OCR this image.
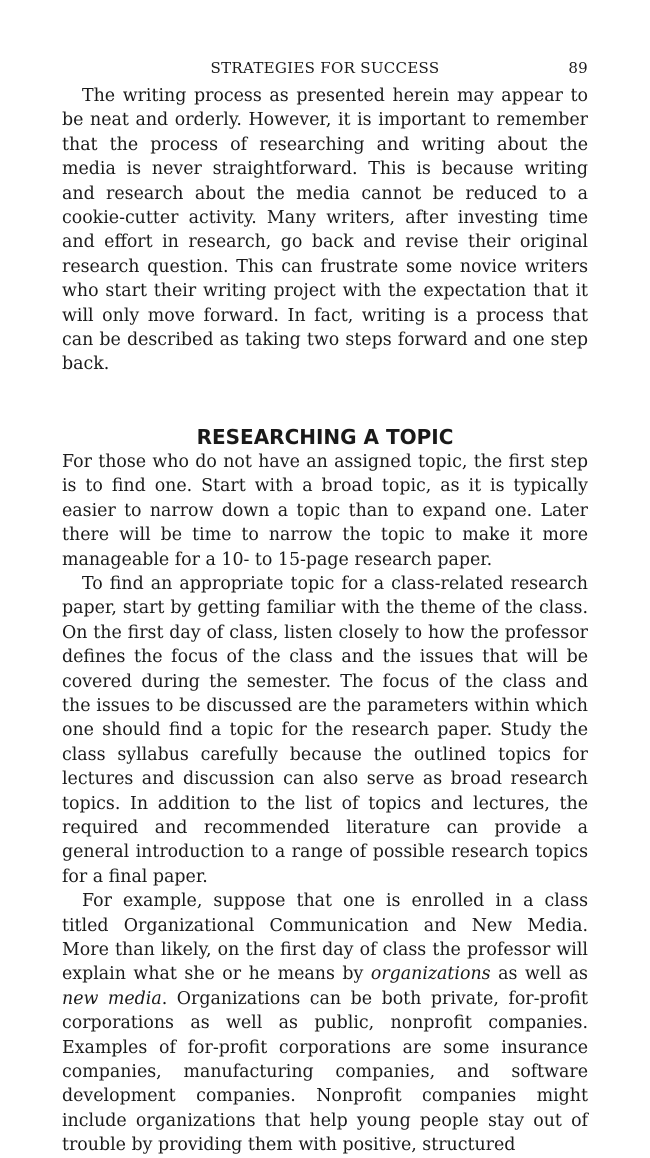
STRATEGIES FOR SUCCESS	89

The writing process as presented herein may appear to be neat and orderly. However, it is important to remember that the process of researching and writing about the media is never straightforward. This is because writing and research about the media cannot be reduced to a cookie-cutter activity. Many writers, after investing time and effort in research, go back and revise their original research question. This can frustrate some novice writers who start their writing project with the expectation that it will only move forward. In fact, writing is a process that can be described as taking two steps forward and one step back.

RESEARCHING A TOPIC

For those who do not have an assigned topic, the first step is to find one. Start with a broad topic, as it is typically easier to narrow down a topic than to expand one. Later there will be time to narrow the topic to make it more manageable for a 10- to 15-page research paper.

To find an appropriate topic for a class-related research paper, start by getting familiar with the theme of the class. On the first day of class, listen closely to how the professor defines the focus of the class and the issues that will be covered during the semester. The focus of the class and the issues to be discussed are the parameters within which one should find a topic for the research paper. Study the class syllabus carefully because the outlined topics for lectures and discussion can also serve as broad research topics. In addition to the list of topics and lectures, the required and recommended literature can provide a general introduction to a range of possible research topics for a final paper.

For example, suppose that one is enrolled in a class titled Organizational Communication and New Media. More than likely, on the first day of class the professor will explain what she or he means by organizations as well as new media. Organizations can be both private, for-profit corporations as well as public, nonprofit companies. Examples of for-profit corporations are some insurance companies, manufacturing companies, and software development companies. Nonprofit companies might include organizations that help young people stay out of trouble by providing them with positive, structured
